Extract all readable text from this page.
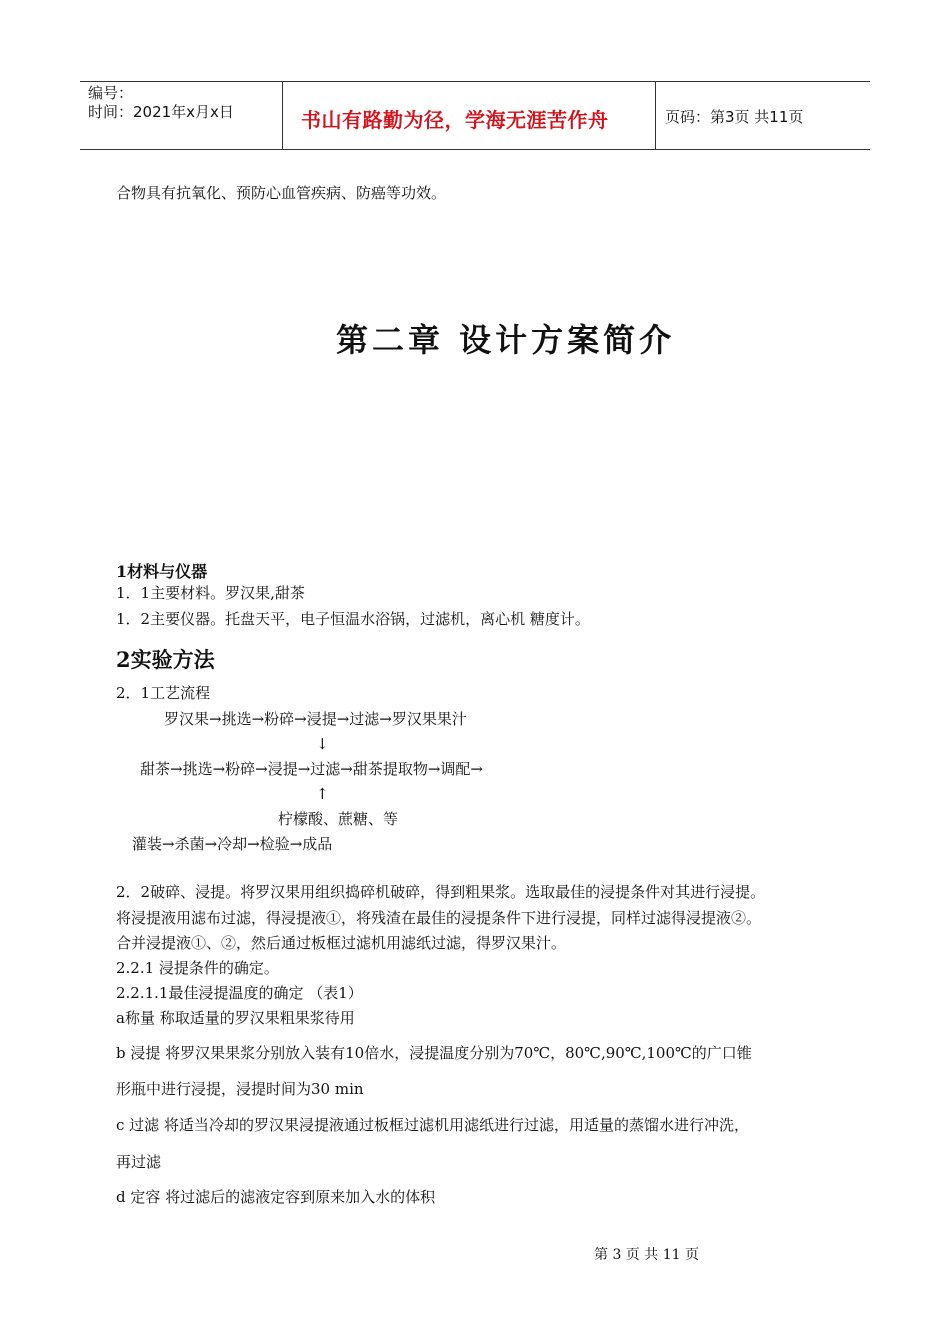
编号：
时间：2021年x月x日	书山有路勤为径，学海无涯苦作舟	页码：第3页 共11页
合物具有抗氧化、预防心血管疾病、防癌等功效。
第二章 设计方案简介
1材料与仪器
1．1主要材料。罗汉果,甜茶
1．2主要仪器。托盘天平，电子恒温水浴锅，过滤机，离心机 糖度计。
2实验方法
2．1工艺流程
罗汉果→挑选→粉碎→浸提→过滤→罗汉果果汁
↓
甜茶→挑选→粉碎→浸提→过滤→甜茶提取物→调配→
↑
柠檬酸、蔗糖、等
灌装→杀菌→冷却→检验→成品
2．2破碎、浸提。将罗汉果用组织捣碎机破碎，得到粗果浆。选取最佳的浸提条件对其进行浸提。
将浸提液用滤布过滤，得浸提液①，将残渣在最佳的浸提条件下进行浸提，同样过滤得浸提液②。
合并浸提液①、②，然后通过板框过滤机用滤纸过滤，得罗汉果汁。
2.2.1 浸提条件的确定。
2.2.1.1最佳浸提温度的确定 （表1）
a称量 称取适量的罗汉果粗果浆待用
b 浸提 将罗汉果果浆分别放入装有10倍水，浸提温度分别为70℃，80℃,90℃,100℃的广口锥
形瓶中进行浸提，浸提时间为30 min
c 过滤 将适当冷却的罗汉果浸提液通过板框过滤机用滤纸进行过滤，用适量的蒸馏水进行冲洗，
再过滤
d 定容 将过滤后的滤液定容到原来加入水的体积
第 3 页 共 11 页
